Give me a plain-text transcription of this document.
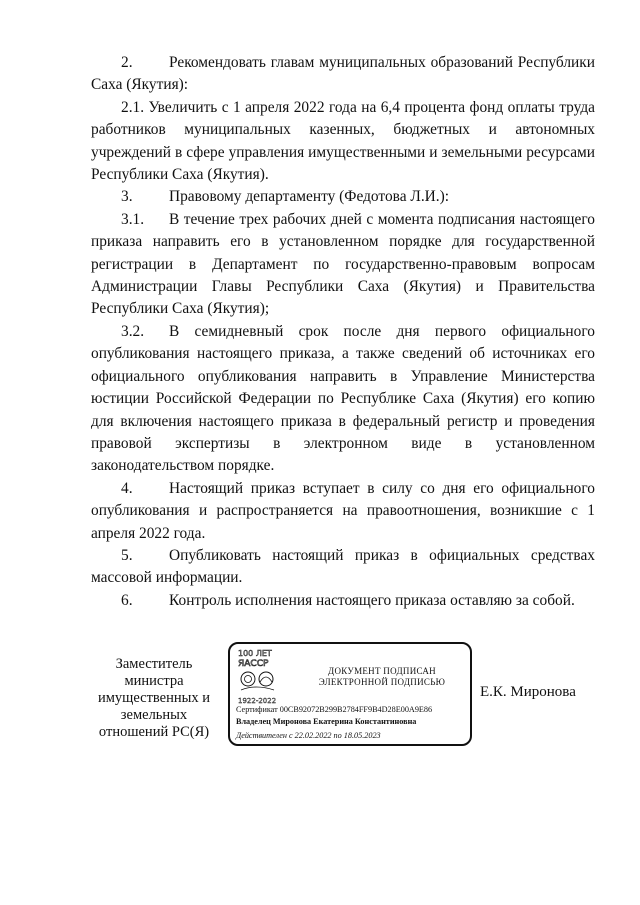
2. Рекомендовать главам муниципальных образований Республики Саха (Якутия):

2.1. Увеличить с 1 апреля 2022 года на 6,4 процента фонд оплаты труда работников муниципальных казенных, бюджетных и автономных учреждений в сфере управления имущественными и земельными ресурсами Республики Саха (Якутия).

3. Правовому департаменту (Федотова Л.И.):

3.1. В течение трех рабочих дней с момента подписания настоящего приказа направить его в установленном порядке для государственной регистрации в Департамент по государственно-правовым вопросам Администрации Главы Республики Саха (Якутия) и Правительства Республики Саха (Якутия);

3.2. В семидневный срок после дня первого официального опубликования настоящего приказа, а также сведений об источниках его официального опубликования направить в Управление Министерства юстиции Российской Федерации по Республике Саха (Якутия) его копию для включения настоящего приказа в федеральный регистр и проведения правовой экспертизы в электронном виде в установленном законодательством порядке.

4. Настоящий приказ вступает в силу со дня его официального опубликования и распространяется на правоотношения, возникшие с 1 апреля 2022 года.

5. Опубликовать настоящий приказ в официальных средствах массовой информации.

6. Контроль исполнения настоящего приказа оставляю за собой.

Заместитель министра имущественных и земельных отношений РС(Я)
100 ЛЕТ
ЯАССР
1922-2022
ДОКУМЕНТ ПОДПИСАН
ЭЛЕКТРОННОЙ ПОДПИСЬЮ
Сертификат 00CB92072B299B2784FF9B4D28E00A9E86
Владелец Миронова Екатерина Константиновна
Действителен с 22.02.2022 по 18.05.2023
Е.К. Миронова
